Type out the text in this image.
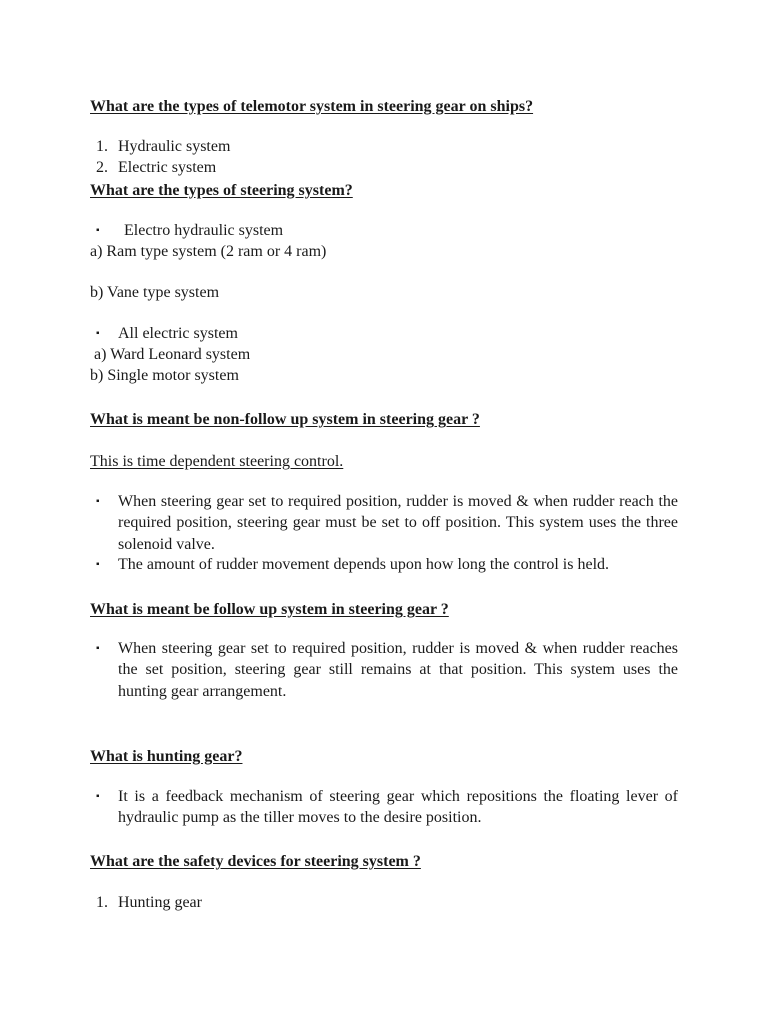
What are the types of telemotor system in steering gear on ships?
1. Hydraulic system
2. Electric system
What are the types of steering system?
▪ Electro hydraulic system
a) Ram type system (2 ram or 4 ram)
b) Vane type system
▪ All electric system
a) Ward Leonard system
b) Single motor system
What is meant be non-follow up system in steering gear ?
This is time dependent steering control.
▪ When steering gear set to required position, rudder is moved & when rudder reach the required position, steering gear must be set to off position. This system uses the three solenoid valve.
▪ The amount of rudder movement depends upon how long the control is held.
What is meant be follow up system in steering gear ?
▪ When steering gear set to required position, rudder is moved & when rudder reaches the set position, steering gear still remains at that position. This system uses the hunting gear arrangement.
What is hunting gear?
▪ It is a feedback mechanism of steering gear which repositions the floating lever of hydraulic pump as the tiller moves to the desire position.
What are the safety devices for steering system ?
1. Hunting gear
